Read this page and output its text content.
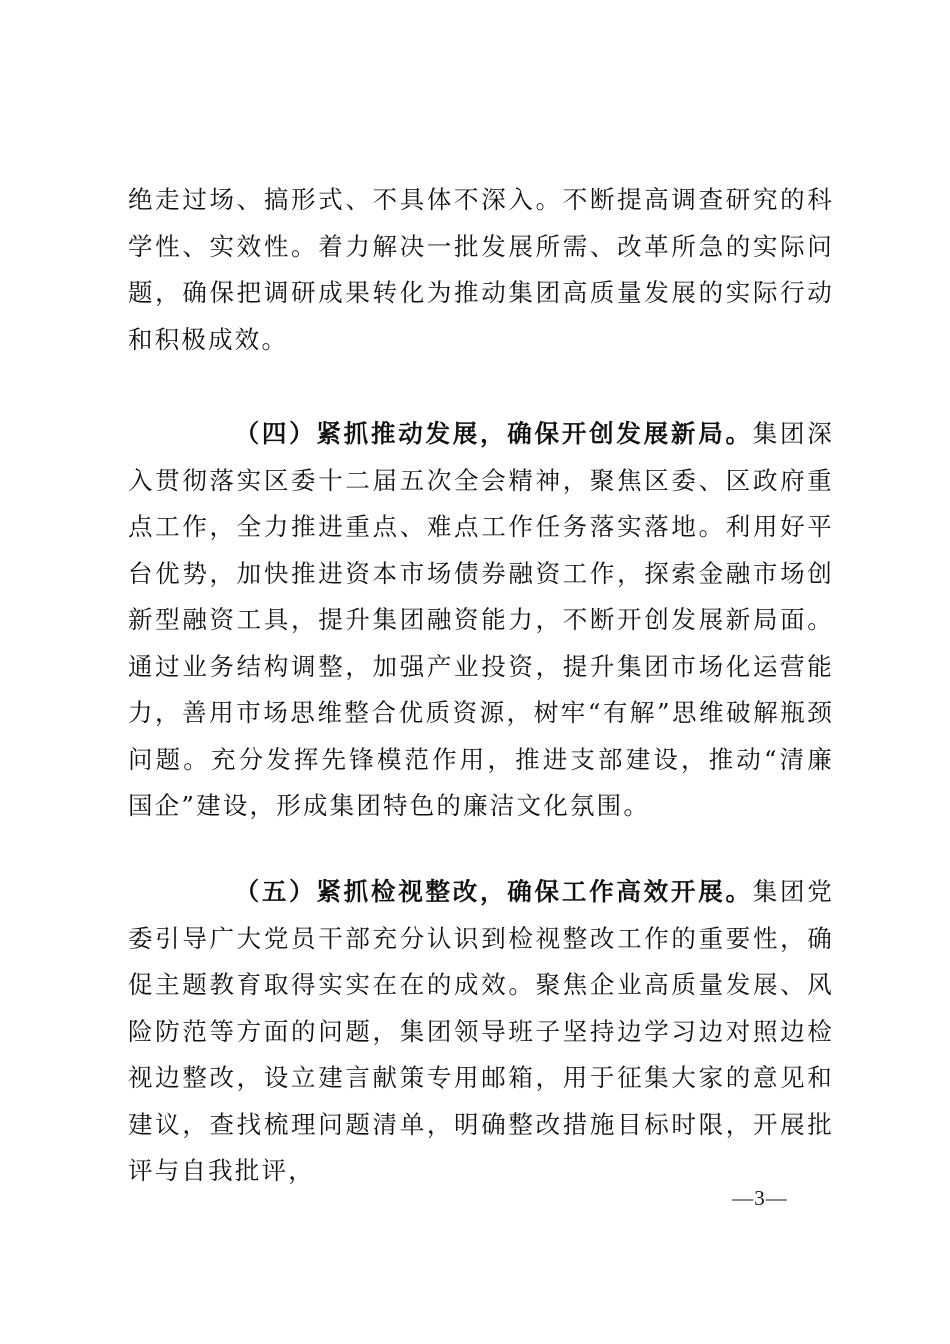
绝走过场、搞形式、不具体不深入。不断提高调查研究的科学性、实效性。着力解决一批发展所需、改革所急的实际问题，确保把调研成果转化为推动集团高质量发展的实际行动和积极成效。

（四）紧抓推动发展，确保开创发展新局。集团深入贯彻落实区委十二届五次全会精神，聚焦区委、区政府重点工作，全力推进重点、难点工作任务落实落地。利用好平台优势，加快推进资本市场债券融资工作，探索金融市场创新型融资工具，提升集团融资能力，不断开创发展新局面。通过业务结构调整，加强产业投资，提升集团市场化运营能力，善用市场思维整合优质资源，树牢“有解”思维破解瓶颈问题。充分发挥先锋模范作用，推进支部建设，推动“清廉国企”建设，形成集团特色的廉洁文化氛围。

（五）紧抓检视整改，确保工作高效开展。集团党委引导广大党员干部充分认识到检视整改工作的重要性，确促主题教育取得实实在在的成效。聚焦企业高质量发展、风险防范等方面的问题，集团领导班子坚持边学习边对照边检视边整改，设立建言献策专用邮箱，用于征集大家的意见和建议，查找梳理问题清单，明确整改措施目标时限，开展批评与自我批评，

—3—
